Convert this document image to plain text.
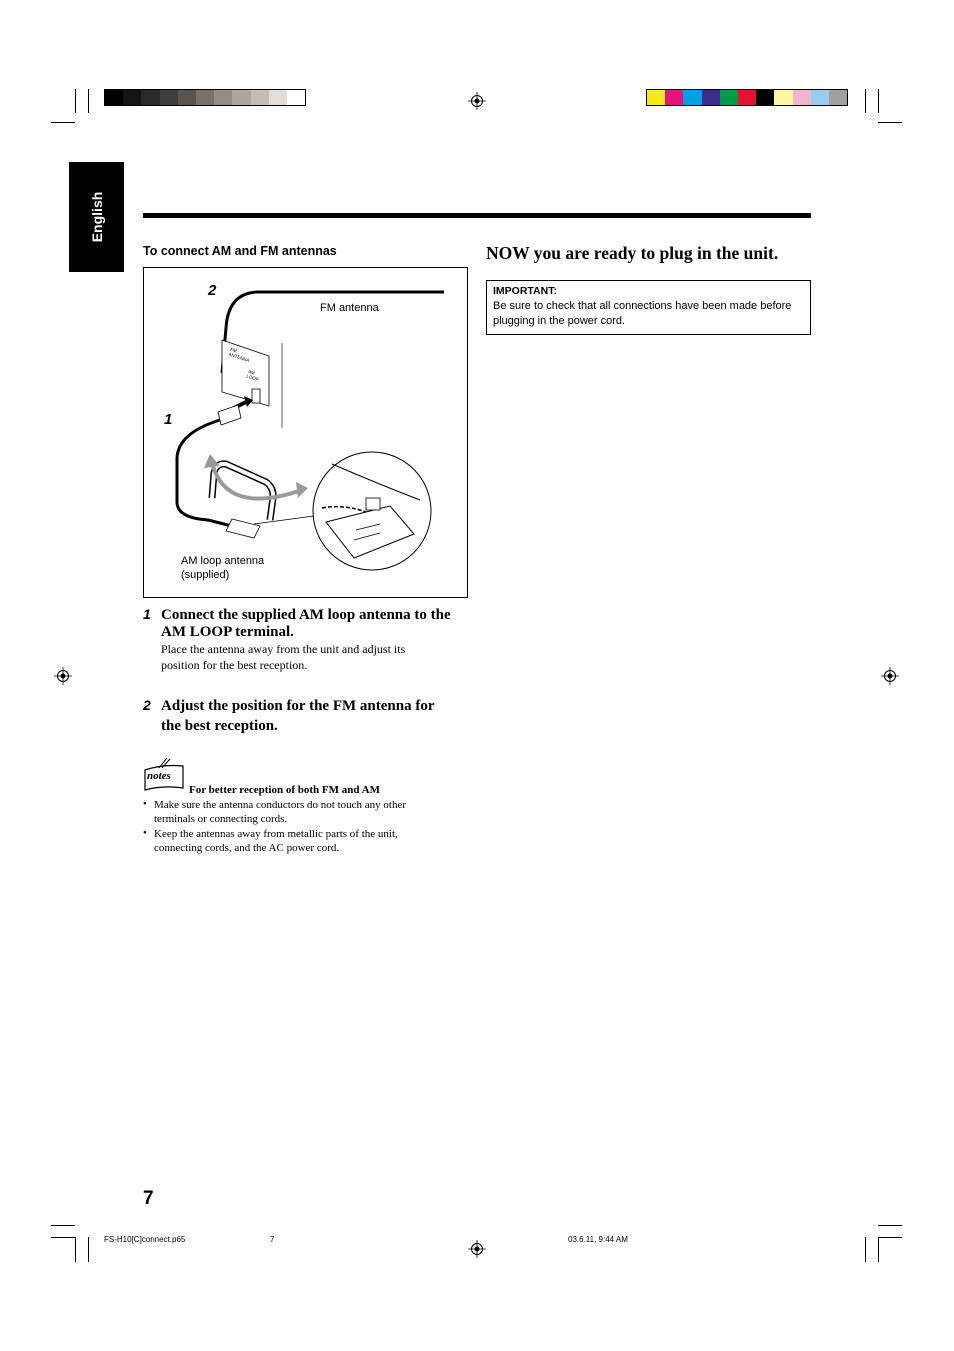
English
To connect AM and FM antennas
2
1
FM antenna
FM ANTENNA
AM LOOP
AM loop antenna
(supplied)
1 Connect the supplied AM loop antenna to the
AM LOOP terminal.
Place the antenna away from the unit and adjust its
position for the best reception.
2 Adjust the position for the FM antenna for
the best reception.
notes
For better reception of both FM and AM
• Make sure the antenna conductors do not touch any other
terminals or connecting cords.
• Keep the antennas away from metallic parts of the unit,
connecting cords, and the AC power cord.
NOW you are ready to plug in the unit.
IMPORTANT:
Be sure to check that all connections have been made before plugging in the power cord.
7
FS-H10[C]connect.p65	7	03.6.11, 9:44 AM
